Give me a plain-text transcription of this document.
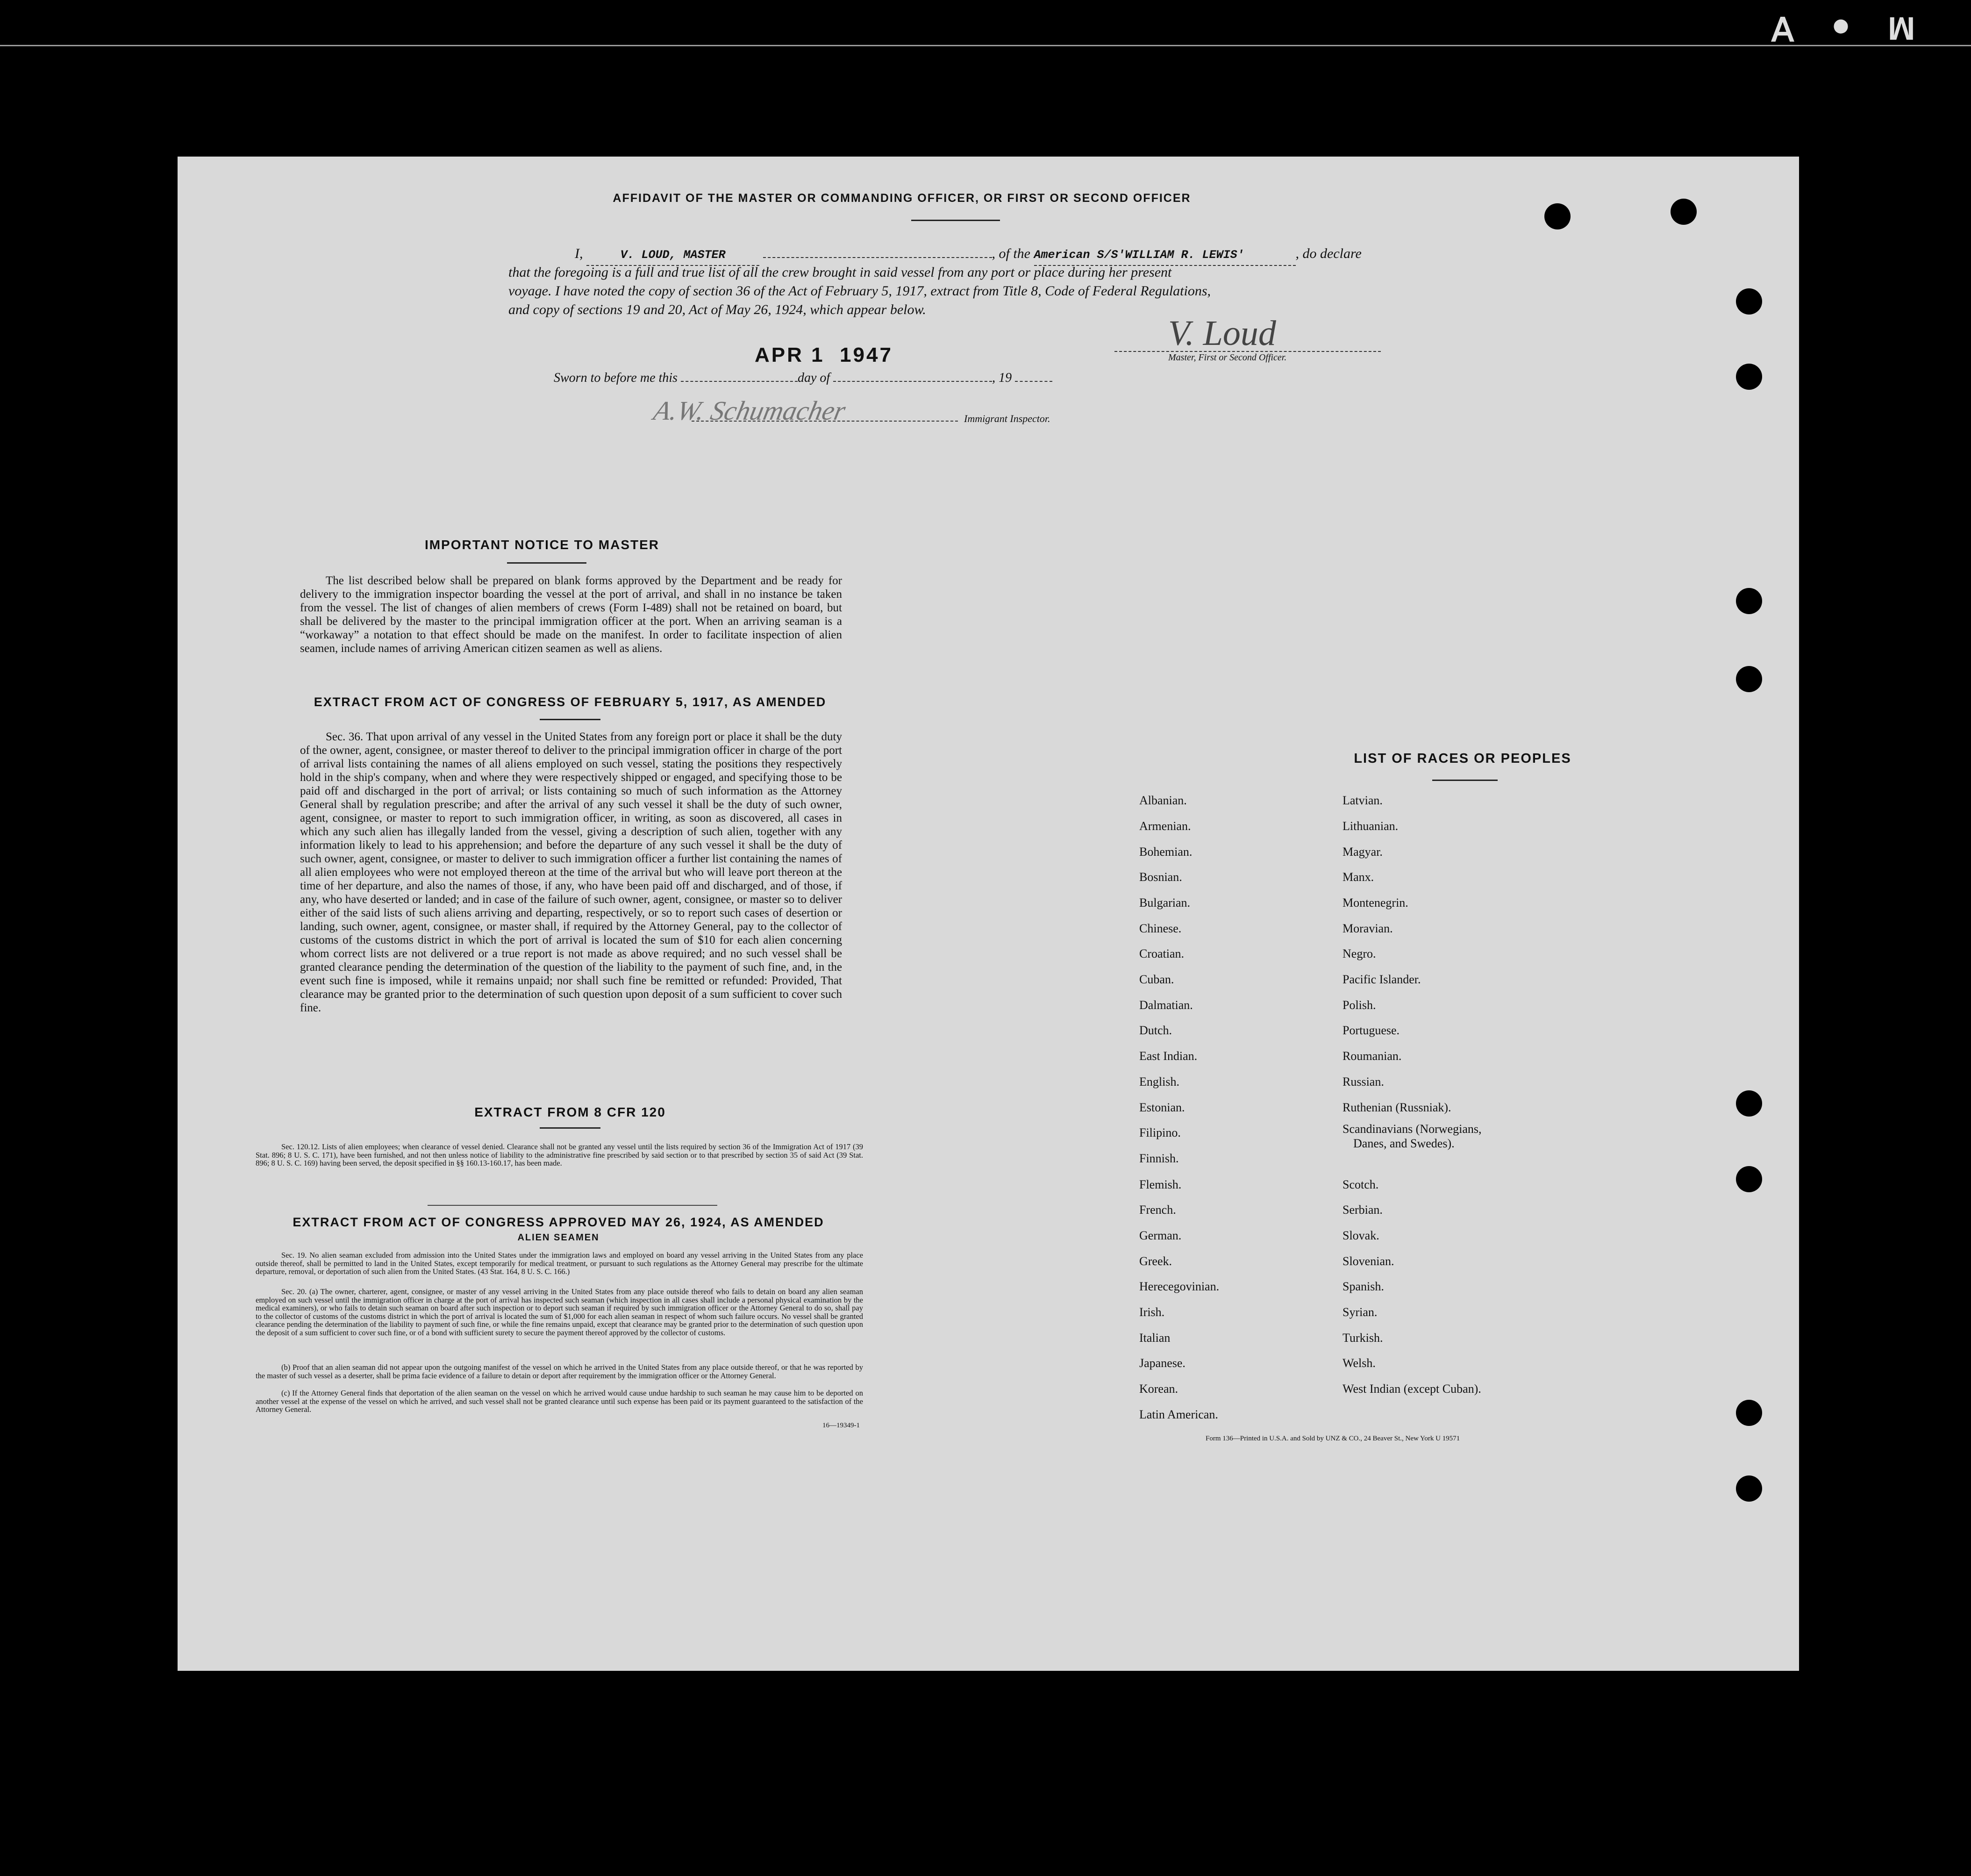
M ● ∀
AFFIDAVIT OF THE MASTER OR COMMANDING OFFICER, OR FIRST OR SECOND OFFICER
I,	V. LOUD, MASTER	, of the American S/S'WILLIAM R. LEWIS'	, do declare
that the foregoing is a full and true list of all the crew brought in said vessel from any port or place during her present
voyage. I have noted the copy of section 36 of the Act of February 5, 1917, extract from Title 8, Code of Federal Regulations,
and copy of sections 19 and 20, Act of May 26, 1924, which appear below.
V. Loud
Master, First or Second Officer.
APR 1  1947
Sworn to before me this	day of	, 19
A.W. Schumacher	Immigrant Inspector.
IMPORTANT NOTICE TO MASTER
The list described below shall be prepared on blank forms approved by the Department and be ready for delivery to the immigration inspector boarding the vessel at the port of arrival, and shall in no instance be taken from the vessel. The list of changes of alien members of crews (Form I-489) shall not be retained on board, but shall be delivered by the master to the principal immigration officer at the port. When an arriving seaman is a “workaway” a notation to that effect should be made on the manifest. In order to facilitate inspection of alien seamen, include names of arriving American citizen seamen as well as aliens.
EXTRACT FROM ACT OF CONGRESS OF FEBRUARY 5, 1917, AS AMENDED
Sec. 36. That upon arrival of any vessel in the United States from any foreign port or place it shall be the duty of the owner, agent, consignee, or master thereof to deliver to the principal immigration officer in charge of the port of arrival lists containing the names of all aliens employed on such vessel, stating the positions they respectively hold in the ship's company, when and where they were respectively shipped or engaged, and specifying those to be paid off and discharged in the port of arrival; or lists containing so much of such information as the Attorney General shall by regulation prescribe; and after the arrival of any such vessel it shall be the duty of such owner, agent, consignee, or master to report to such immigration officer, in writing, as soon as discovered, all cases in which any such alien has illegally landed from the vessel, giving a description of such alien, together with any information likely to lead to his apprehension; and before the departure of any such vessel it shall be the duty of such owner, agent, consignee, or master to deliver to such immigration officer a further list containing the names of all alien employees who were not employed thereon at the time of the arrival but who will leave port thereon at the time of her departure, and also the names of those, if any, who have been paid off and discharged, and of those, if any, who have deserted or landed; and in case of the failure of such owner, agent, consignee, or master so to deliver either of the said lists of such aliens arriving and departing, respectively, or so to report such cases of desertion or landing, such owner, agent, consignee, or master shall, if required by the Attorney General, pay to the collector of customs of the customs district in which the port of arrival is located the sum of $10 for each alien concerning whom correct lists are not delivered or a true report is not made as above required; and no such vessel shall be granted clearance pending the determination of the question of the liability to the payment of such fine, and, in the event such fine is imposed, while it remains unpaid; nor shall such fine be remitted or refunded: Provided, That clearance may be granted prior to the determination of such question upon deposit of a sum sufficient to cover such fine.
EXTRACT FROM 8 CFR 120
Sec. 120.12. Lists of alien employees; when clearance of vessel denied. Clearance shall not be granted any vessel until the lists required by section 36 of the Immigration Act of 1917 (39 Stat. 896; 8 U. S. C. 171), have been furnished, and not then unless notice of liability to the administrative fine prescribed by said section or to that prescribed by section 35 of said Act (39 Stat. 896; 8 U. S. C. 169) having been served, the deposit specified in §§ 160.13-160.17, has been made.
EXTRACT FROM ACT OF CONGRESS APPROVED MAY 26, 1924, AS AMENDED
ALIEN SEAMEN
Sec. 19. No alien seaman excluded from admission into the United States under the immigration laws and employed on board any vessel arriving in the United States from any place outside thereof, shall be permitted to land in the United States, except temporarily for medical treatment, or pursuant to such regulations as the Attorney General may prescribe for the ultimate departure, removal, or deportation of such alien from the United States. (43 Stat. 164, 8 U. S. C. 166.)
Sec. 20. (a) The owner, charterer, agent, consignee, or master of any vessel arriving in the United States from any place outside thereof who fails to detain on board any alien seaman employed on such vessel until the immigration officer in charge at the port of arrival has inspected such seaman (which inspection in all cases shall include a personal physical examination by the medical examiners), or who fails to detain such seaman on board after such inspection or to deport such seaman if required by such immigration officer or the Attorney General to do so, shall pay to the collector of customs of the customs district in which the port of arrival is located the sum of $1,000 for each alien seaman in respect of whom such failure occurs. No vessel shall be granted clearance pending the determination of the liability to payment of such fine, or while the fine remains unpaid, except that clearance may be granted prior to the determination of such question upon the deposit of a sum sufficient to cover such fine, or of a bond with sufficient surety to secure the payment thereof approved by the collector of customs.
(b) Proof that an alien seaman did not appear upon the outgoing manifest of the vessel on which he arrived in the United States from any place outside thereof, or that he was reported by the master of such vessel as a deserter, shall be prima facie evidence of a failure to detain or deport after requirement by the immigration officer or the Attorney General.
(c) If the Attorney General finds that deportation of the alien seaman on the vessel on which he arrived would cause undue hardship to such seaman he may cause him to be deported on another vessel at the expense of the vessel on which he arrived, and such vessel shall not be granted clearance until such expense has been paid or its payment guaranteed to the satisfaction of the Attorney General.
16—19349-1
LIST OF RACES OR PEOPLES
Albanian.
Armenian.
Bohemian.
Bosnian.
Bulgarian.
Chinese.
Croatian.
Cuban.
Dalmatian.
Dutch.
East Indian.
English.
Estonian.
Filipino.
Finnish.
Flemish.
French.
German.
Greek.
Herecegovinian.
Irish.
Italian
Japanese.
Korean.
Latin American.
Latvian.
Lithuanian.
Magyar.
Manx.
Montenegrin.
Moravian.
Negro.
Pacific Islander.
Polish.
Portuguese.
Roumanian.
Russian.
Ruthenian (Russniak).
Scandinavians (Norwegians,
Danes, and Swedes).
Scotch.
Serbian.
Slovak.
Slovenian.
Spanish.
Syrian.
Turkish.
Welsh.
West Indian (except Cuban).
Form 136—Printed in U.S.A. and Sold by UNZ & CO., 24 Beaver St., New York U 19571
